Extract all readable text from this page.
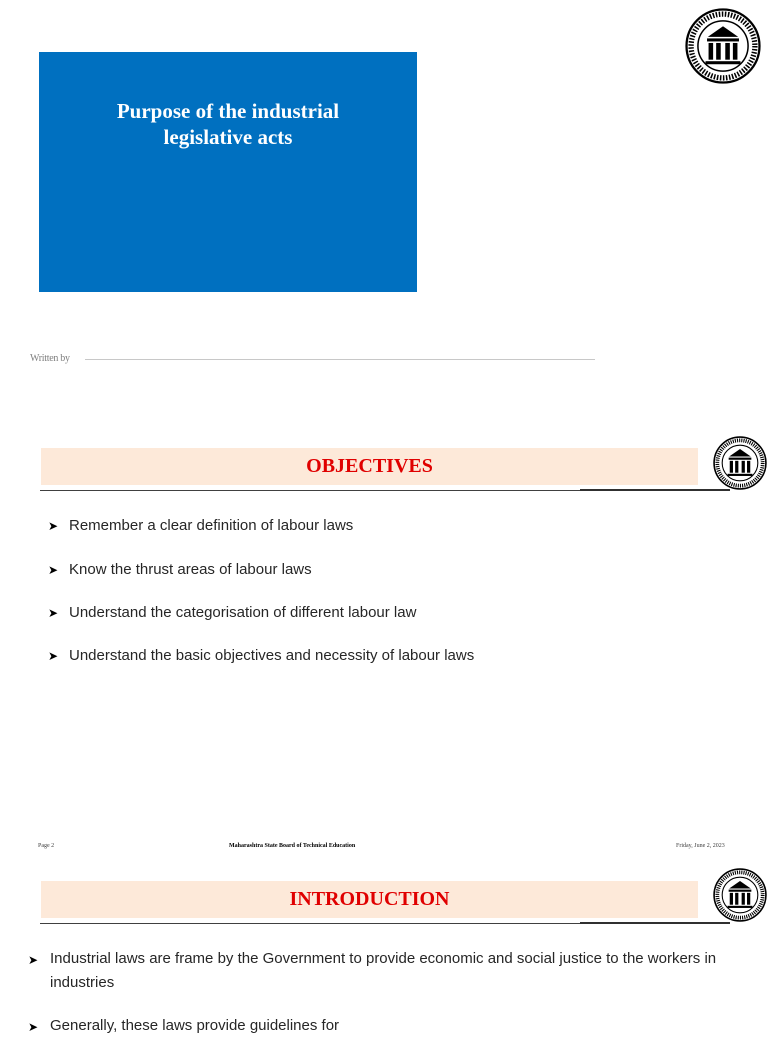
Purpose of the industrial
legislative acts
Written by
OBJECTIVES
➤ Remember a clear definition of labour laws
➤ Know the thrust areas of labour laws
➤ Understand the categorisation of different labour law
➤ Understand the basic objectives and necessity of labour laws
Page 2	Maharashtra State Board of Technical Education	Friday, June 2, 2023
INTRODUCTION
➤ Industrial laws are frame by the Government to provide economic and social justice to the workers in industries
➤ Generally, these laws provide guidelines for
